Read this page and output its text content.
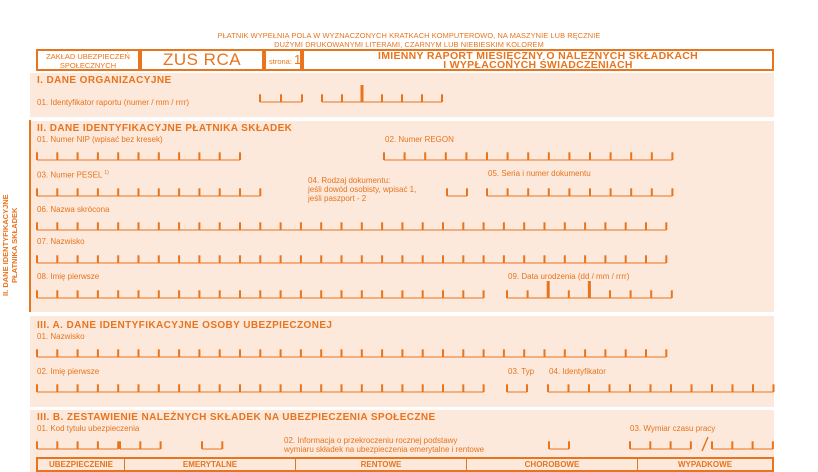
PŁATNIK WYPEŁNIA POLA W WYZNACZONYCH KRATKACH KOMPUTEROWO, NA MASZYNIE LUB RĘCZNIE
DUŻYMI DRUKOWANYMI LITERAMI, CZARNYM LUB NIEBIESKIM KOLOREM
ZAKŁAD UBEZPIECZEŃ
SPOŁECZNYCH	ZUS RCA	strona: 1	IMIENNY RAPORT MIESIĘCZNY O NALEŻNYCH SKŁADKACH
I WYPŁACONYCH ŚWIADCZENIACH
II. DANE IDENTYFIKACYJNE PŁATNIKA SKŁADEK
I. DANE ORGANIZACYJNE
01. Identyfikator raportu (numer / mm / rrrr)
II. DANE IDENTYFIKACYJNE PŁATNIKA SKŁADEK
01. Numer NIP (wpisać bez kresek)	02. Numer REGON
03. Numer PESEL $^{1)}$
04. Rodzaj dokumentu:
jeśli dowód osobisty, wpisać 1,
jeśli paszport - 2
05. Seria i numer dokumentu
06. Nazwa skrócona
07. Nazwisko
08. Imię pierwsze	09. Data urodzenia (dd / mm / rrrr)
III. A. DANE IDENTYFIKACYJNE OSOBY UBEZPIECZONEJ
01. Nazwisko
02. Imię pierwsze	03. Typ 04. Identyfikator
III. B. ZESTAWIENIE NALEŻNYCH SKŁADEK NA UBEZPIECZENIA SPOŁECZNE
01. Kod tytułu ubezpieczenia
02. Informacja o przekroczeniu rocznej podstawy
wymiaru składek na ubezpieczenia emerytalne i rentowe
03. Wymiar czasu pracy
UBEZPIECZENIE	EMERYTALNE	RENTOWE	CHOROBOWE	WYPADKOWE
